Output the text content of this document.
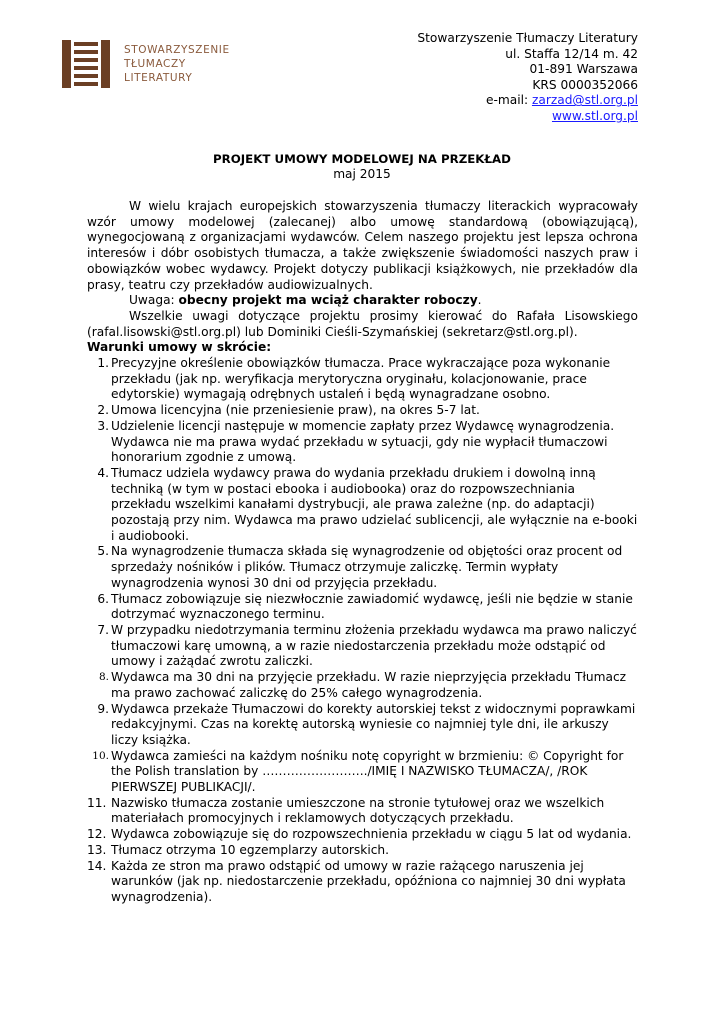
STOWARZYSZENIE
TŁUMACZY
LITERATURY
Stowarzyszenie Tłumaczy Literatury
ul. Staffa 12/14 m. 42
01-891 Warszawa
KRS 0000352066
e-mail: zarzad@stl.org.pl
www.stl.org.pl
PROJEKT UMOWY MODELOWEJ NA PRZEKŁAD
maj 2015

W wielu krajach europejskich stowarzyszenia tłumaczy literackich wypracowały wzór umowy modelowej (zalecanej) albo umowę standardową (obowiązującą), wynegocjowaną z organizacjami wydawców. Celem naszego projektu jest lepsza ochrona interesów i dóbr osobistych tłumacza, a także zwiększenie świadomości naszych praw i obowiązków wobec wydawcy. Projekt dotyczy publikacji książkowych, nie przekładów dla prasy, teatru czy przekładów audiowizualnych.

Uwaga: obecny projekt ma wciąż charakter roboczy.

Wszelkie uwagi dotyczące projektu prosimy kierować do Rafała Lisowskiego (rafal.lisowski@stl.org.pl) lub Dominiki Cieśli-Szymańskiej (sekretarz@stl.org.pl).

Warunki umowy w skrócie:

1. Precyzyjne określenie obowiązków tłumacza. Prace wykraczające poza wykonanie przekładu (jak np. weryfikacja merytoryczna oryginału, kolacjonowanie, prace edytorskie) wymagają odrębnych ustaleń i będą wynagradzane osobno.
2. Umowa licencyjna (nie przeniesienie praw), na okres 5-7 lat.
3. Udzielenie licencji następuje w momencie zapłaty przez Wydawcę wynagrodzenia. Wydawca nie ma prawa wydać przekładu w sytuacji, gdy nie wypłacił tłumaczowi honorarium zgodnie z umową.
4. Tłumacz udziela wydawcy prawa do wydania przekładu drukiem i dowolną inną techniką (w tym w postaci ebooka i audiobooka) oraz do rozpowszechniania przekładu wszelkimi kanałami dystrybucji, ale prawa zależne (np. do adaptacji) pozostają przy nim. Wydawca ma prawo udzielać sublicencji, ale wyłącznie na e-booki i audiobooki.
5. Na wynagrodzenie tłumacza składa się wynagrodzenie od objętości oraz procent od sprzedaży nośników i plików. Tłumacz otrzymuje zaliczkę. Termin wypłaty wynagrodzenia wynosi 30 dni od przyjęcia przekładu.
6. Tłumacz zobowiązuje się niezwłocznie zawiadomić wydawcę, jeśli nie będzie w stanie dotrzymać wyznaczonego terminu.
7. W przypadku niedotrzymania terminu złożenia przekładu wydawca ma prawo naliczyć tłumaczowi karę umowną, a w razie niedostarczenia przekładu może odstąpić od umowy i zażądać zwrotu zaliczki.
8. Wydawca ma 30 dni na przyjęcie przekładu. W razie nieprzyjęcia przekładu Tłumacz ma prawo zachować zaliczkę do 25% całego wynagrodzenia.
9. Wydawca przekaże Tłumaczowi do korekty autorskiej tekst z widocznymi poprawkami redakcyjnymi. Czas na korektę autorską wyniesie co najmniej tyle dni, ile arkuszy liczy książka.
10. Wydawca zamieści na każdym nośniku notę copyright w brzmieniu: © Copyright for the Polish translation by ……………………../IMIĘ I NAZWISKO TŁUMACZA/, /ROK PIERWSZEJ PUBLIKACJI/.
11. Nazwisko tłumacza zostanie umieszczone na stronie tytułowej oraz we wszelkich materiałach promocyjnych i reklamowych dotyczących przekładu.
12. Wydawca zobowiązuje się do rozpowszechnienia przekładu w ciągu 5 lat od wydania.
13. Tłumacz otrzyma 10 egzemplarzy autorskich.
14. Każda ze stron ma prawo odstąpić od umowy w razie rażącego naruszenia jej warunków (jak np. niedostarczenie przekładu, opóźniona co najmniej 30 dni wypłata wynagrodzenia).
